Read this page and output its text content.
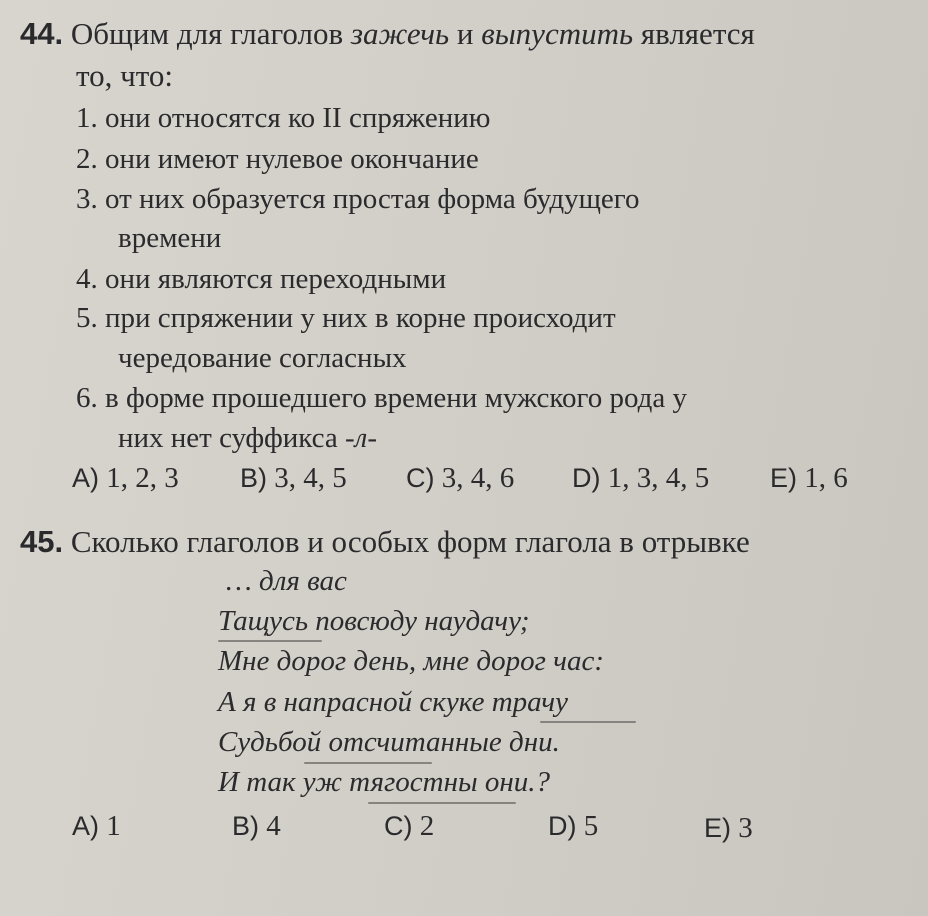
44. Общим для глаголов зажечь и выпустить является
то, что:
1. они относятся ко II спряжению
2. они имеют нулевое окончание
3. от них образуется простая форма будущего
времени
4. они являются переходными
5. при спряжении у них в корне происходит
чередование согласных
6. в форме прошедшего времени мужского рода у
них нет суффикса -л-
A) 1, 2, 3 B) 3, 4, 5 C) 3, 4, 6 D) 1, 3, 4, 5 E) 1, 6
45. Сколько глаголов и особых форм глагола в отрывке
… для вас
Тащусь повсюду наудачу;
Мне дорог день, мне дорог час:
А я в напрасной скуке трачу
Судьбой отсчитанные дни.
И так уж тягостны они.?
A) 1	B) 4	C) 2	D) 5	E) 3
